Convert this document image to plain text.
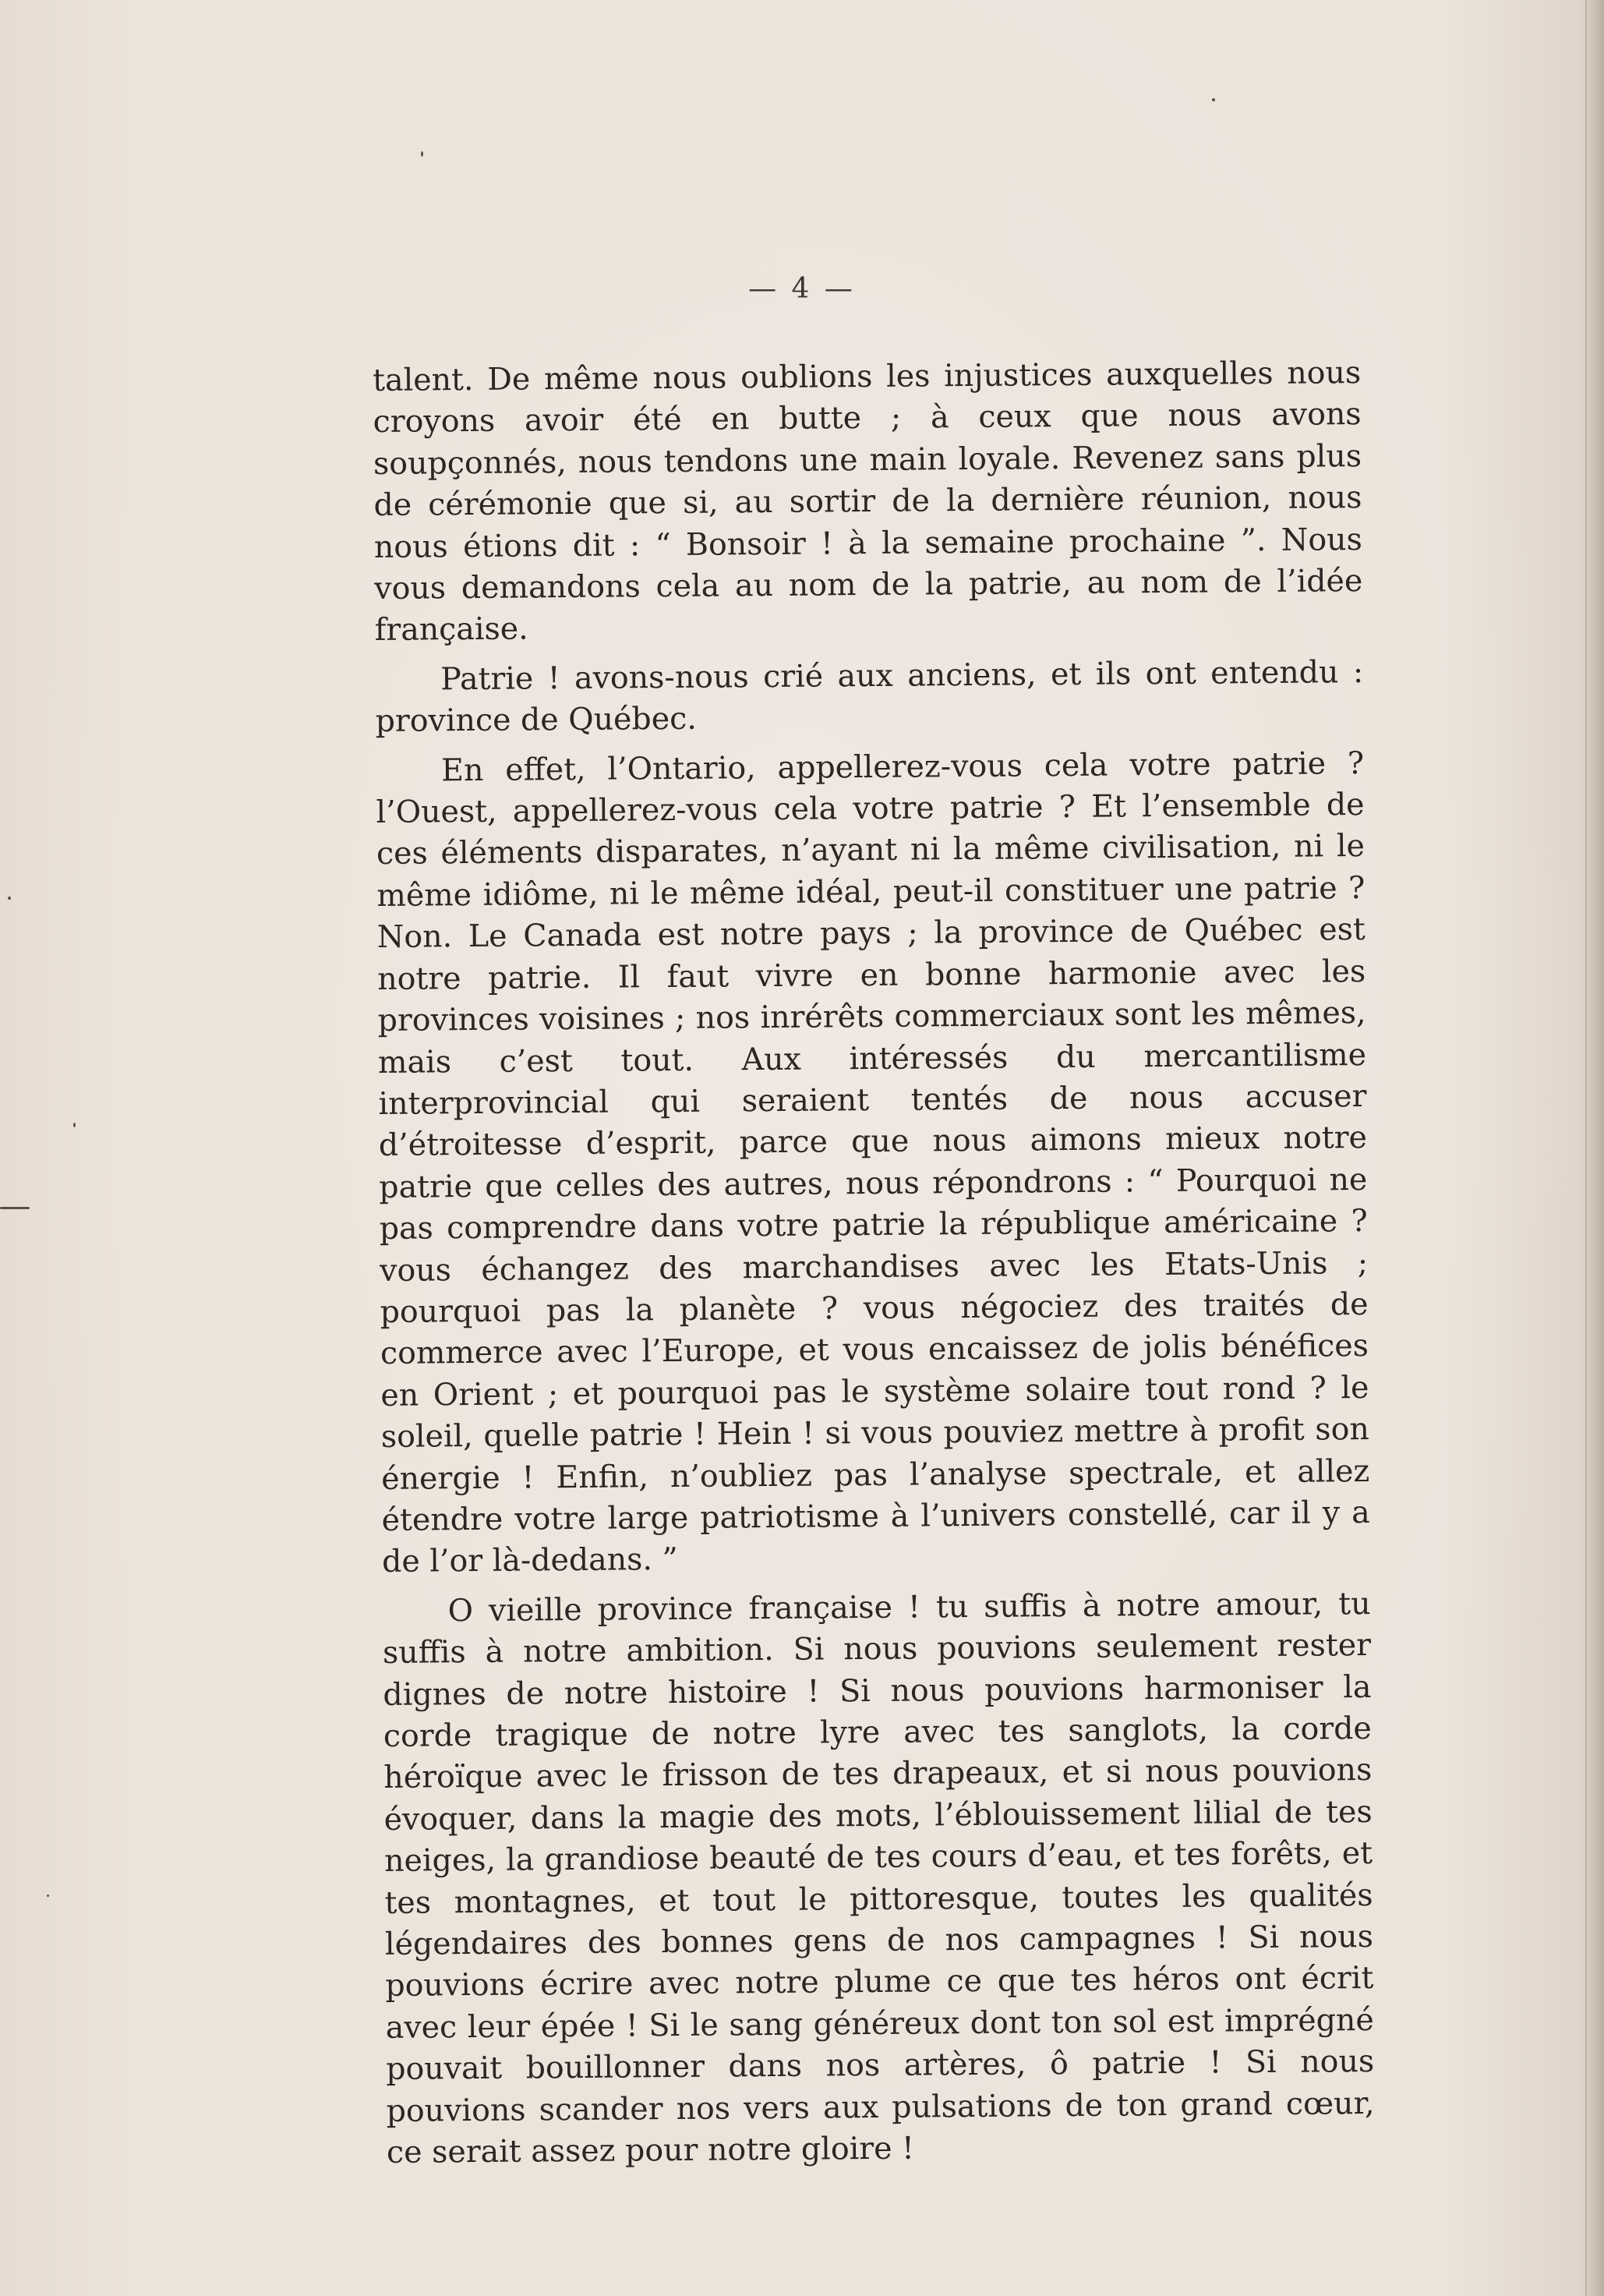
— 4 —

talent. De même nous oublions les injustices auxquelles nous croyons avoir été en butte ; à ceux que nous avons soupçonnés, nous tendons une main loyale. Revenez sans plus de cérémonie que si, au sortir de la dernière réunion, nous nous étions dit : “ Bonsoir ! à la semaine prochaine ”. Nous vous demandons cela au nom de la patrie, au nom de l’idée française.

Patrie ! avons-nous crié aux anciens, et ils ont entendu : province de Québec.

En effet, l’Ontario, appellerez-vous cela votre patrie ? l’Ouest, appellerez-vous cela votre patrie ? Et l’ensemble de ces éléments disparates, n’ayant ni la même civilisation, ni le même idiôme, ni le même idéal, peut-il constituer une patrie ? Non. Le Canada est notre pays ; la province de Québec est notre patrie. Il faut vivre en bonne harmonie avec les provinces voisines ; nos inrérêts commerciaux sont les mêmes, mais c’est tout. Aux intéressés du mercantilisme interprovincial qui seraient tentés de nous accuser d’étroitesse d’esprit, parce que nous aimons mieux notre patrie que celles des autres, nous répondrons : “ Pourquoi ne pas comprendre dans votre patrie la république américaine ? vous échangez des marchandises avec les Etats-Unis ; pourquoi pas la planète ? vous négociez des traités de commerce avec l’Europe, et vous encaissez de jolis bénéfices en Orient ; et pourquoi pas le système solaire tout rond ? le soleil, quelle patrie ! Hein ! si vous pouviez mettre à profit son énergie ! Enfin, n’oubliez pas l’analyse spectrale, et allez étendre votre large patriotisme à l’univers constellé, car il y a de l’or là-dedans. ”

O vieille province française ! tu suffis à notre amour, tu suffis à notre ambition. Si nous pouvions seulement rester dignes de notre histoire ! Si nous pouvions harmoniser la corde tragique de notre lyre avec tes sanglots, la corde héroïque avec le frisson de tes drapeaux, et si nous pouvions évoquer, dans la magie des mots, l’éblouissement lilial de tes neiges, la grandiose beauté de tes cours d’eau, et tes forêts, et tes montagnes, et tout le pittoresque, toutes les qualités légendaires des bonnes gens de nos campagnes ! Si nous pouvions écrire avec notre plume ce que tes héros ont écrit avec leur épée ! Si le sang généreux dont ton sol est imprégné pouvait bouillonner dans nos artères, ô patrie ! Si nous pouvions scander nos vers aux pulsations de ton grand cœur, ce serait assez pour notre gloire !
